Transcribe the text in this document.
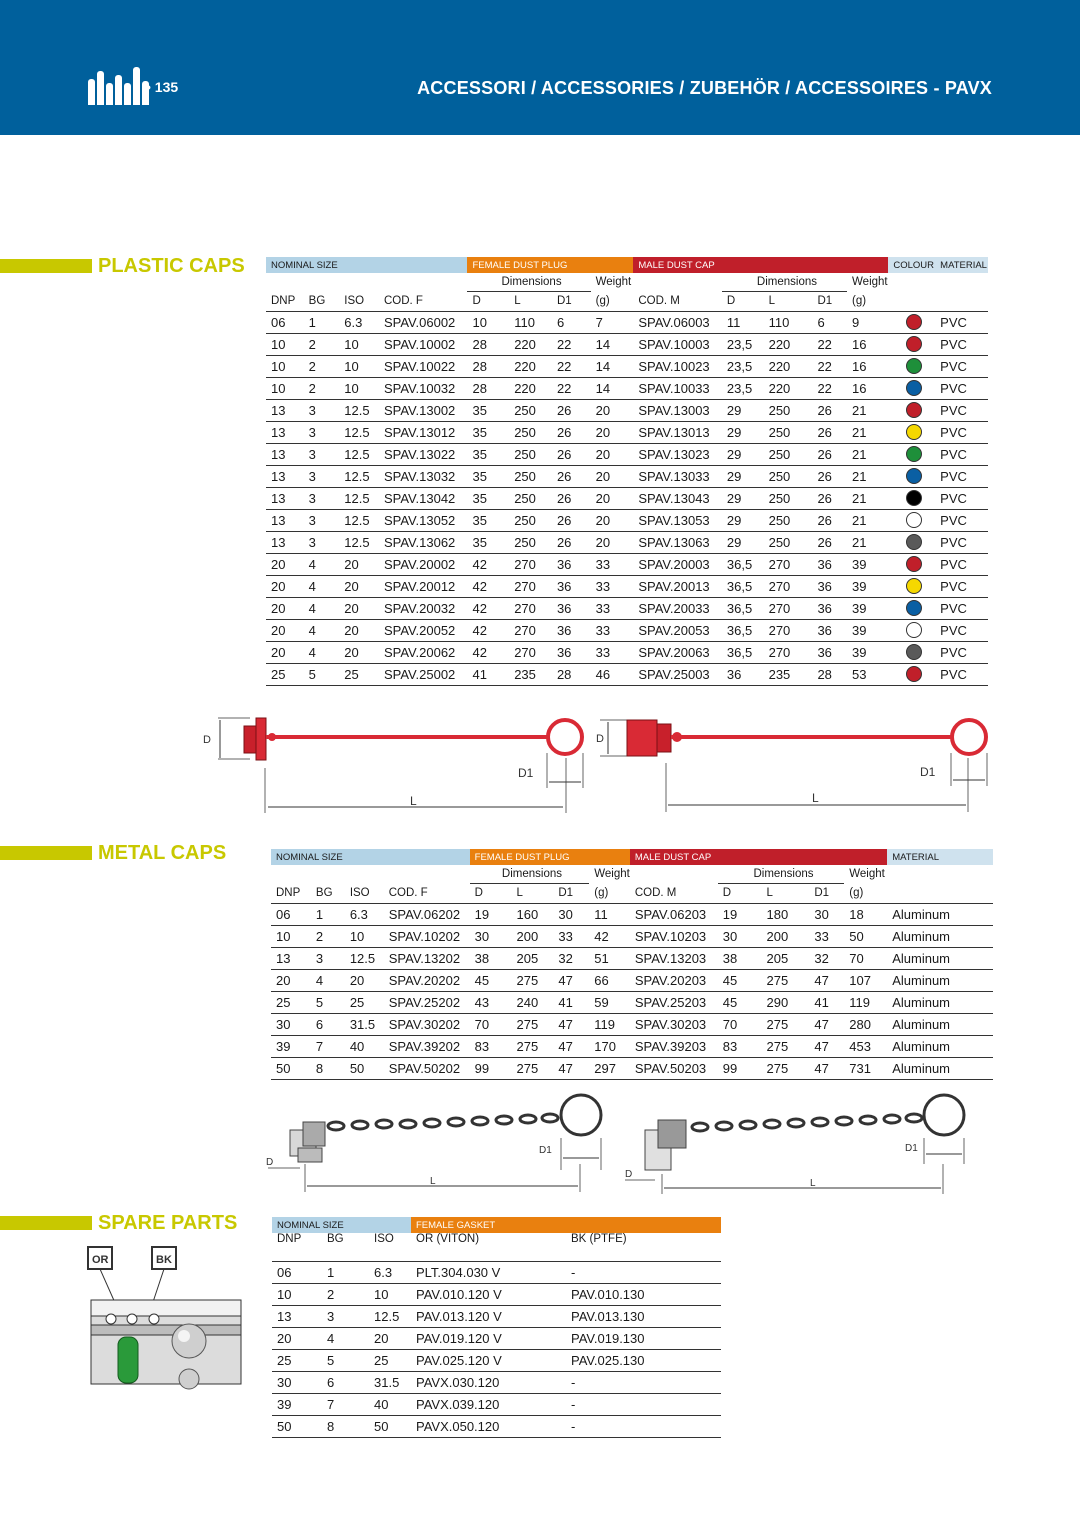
• 135	ACCESSORI / ACCESSORIES / ZUBEHÖR / ACCESSOIRES - PAVX
PLASTIC CAPS	NOMINAL SIZE				FEMALE DUST PLUG				MALE DUST CAP					COLOUR	MATERIAL
				Dimensions			Weight		Dimensions			Weight		
DNP	BG	ISO	COD. F	D	L	D1	(g)	COD. M	D	L	D1	(g)		
06	1	6.3	SPAV.06002	10	110	6	7	SPAV.06003	11	110	6	9		PVC
10	2	10	SPAV.10002	28	220	22	14	SPAV.10003	23,5	220	22	16		PVC
10	2	10	SPAV.10022	28	220	22	14	SPAV.10023	23,5	220	22	16		PVC
10	2	10	SPAV.10032	28	220	22	14	SPAV.10033	23,5	220	22	16		PVC
13	3	12.5	SPAV.13002	35	250	26	20	SPAV.13003	29	250	26	21		PVC
13	3	12.5	SPAV.13012	35	250	26	20	SPAV.13013	29	250	26	21		PVC
13	3	12.5	SPAV.13022	35	250	26	20	SPAV.13023	29	250	26	21		PVC
13	3	12.5	SPAV.13032	35	250	26	20	SPAV.13033	29	250	26	21		PVC
13	3	12.5	SPAV.13042	35	250	26	20	SPAV.13043	29	250	26	21		PVC
13	3	12.5	SPAV.13052	35	250	26	20	SPAV.13053	29	250	26	21		PVC
13	3	12.5	SPAV.13062	35	250	26	20	SPAV.13063	29	250	26	21		PVC
20	4	20	SPAV.20002	42	270	36	33	SPAV.20003	36,5	270	36	39		PVC
20	4	20	SPAV.20012	42	270	36	33	SPAV.20013	36,5	270	36	39		PVC
20	4	20	SPAV.20032	42	270	36	33	SPAV.20033	36,5	270	36	39		PVC
20	4	20	SPAV.20052	42	270	36	33	SPAV.20053	36,5	270	36	39		PVC
20	4	20	SPAV.20062	42	270	36	33	SPAV.20063	36,5	270	36	39		PVC
25	5	25	SPAV.25002	41	235	28	46	SPAV.25003	36	235	28	53		PVC
D
L
D1
D
L
D1
METAL CAPS	NOMINAL SIZE				FEMALE DUST PLUG				MALE DUST CAP					MATERIAL
				Dimensions			Weight		Dimensions			Weight	
DNP	BG	ISO	COD. F	D	L	D1	(g)	COD. M	D	L	D1	(g)	
06	1	6.3	SPAV.06202	19	160	30	11	SPAV.06203	19	180	30	18	Aluminum
10	2	10	SPAV.10202	30	200	33	42	SPAV.10203	30	200	33	50	Aluminum
13	3	12.5	SPAV.13202	38	205	32	51	SPAV.13203	38	205	32	70	Aluminum
20	4	20	SPAV.20202	45	275	47	66	SPAV.20203	45	275	47	107	Aluminum
25	5	25	SPAV.25202	43	240	41	59	SPAV.25203	45	290	41	119	Aluminum
30	6	31.5	SPAV.30202	70	275	47	119	SPAV.30203	70	275	47	280	Aluminum
39	7	40	SPAV.39202	83	275	47	170	SPAV.39203	83	275	47	453	Aluminum
50	8	50	SPAV.50202	99	275	47	297	SPAV.50203	99	275	47	731	Aluminum
D
D1
L
D
D1
L
SPARE PARTS
OR	BK
NOMINAL SIZE			FEMALE GASKET	
DNP	BG	ISO	OR (VITON)	BK (PTFE)
06	1	6.3	PLT.304.030 V	-
10	2	10	PAV.010.120 V	PAV.010.130
13	3	12.5	PAV.013.120 V	PAV.013.130
20	4	20	PAV.019.120 V	PAV.019.130
25	5	25	PAV.025.120 V	PAV.025.130
30	6	31.5	PAVX.030.120	-
39	7	40	PAVX.039.120	-
50	8	50	PAVX.050.120	-
